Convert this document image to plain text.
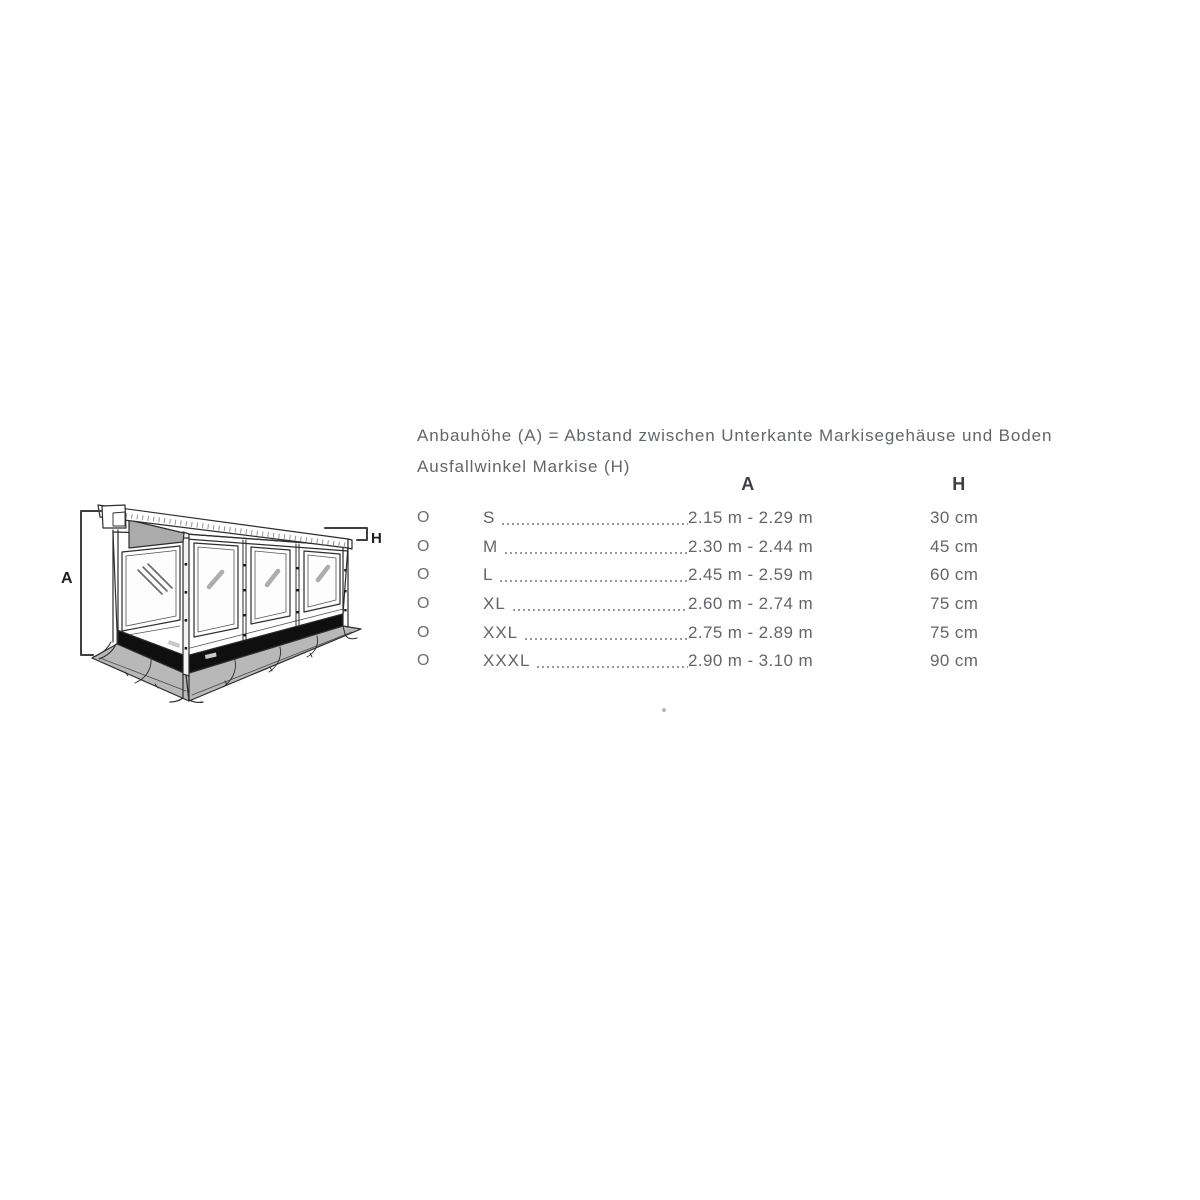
Anbauhöhe (A) = Abstand zwischen Unterkante Markisegehäuse und Boden
Ausfallwinkel Markise (H)
A
H
A	H
O	S	2.15 m - 2.29 m	30 cm
O	M	2.30 m - 2.44 m	45 cm
O	L	2.45 m - 2.59 m	60 cm
O	XL	2.60 m - 2.74 m	75 cm
O	XXL	2.75 m - 2.89 m	75 cm
O	XXXL	2.90 m - 3.10 m	90 cm
